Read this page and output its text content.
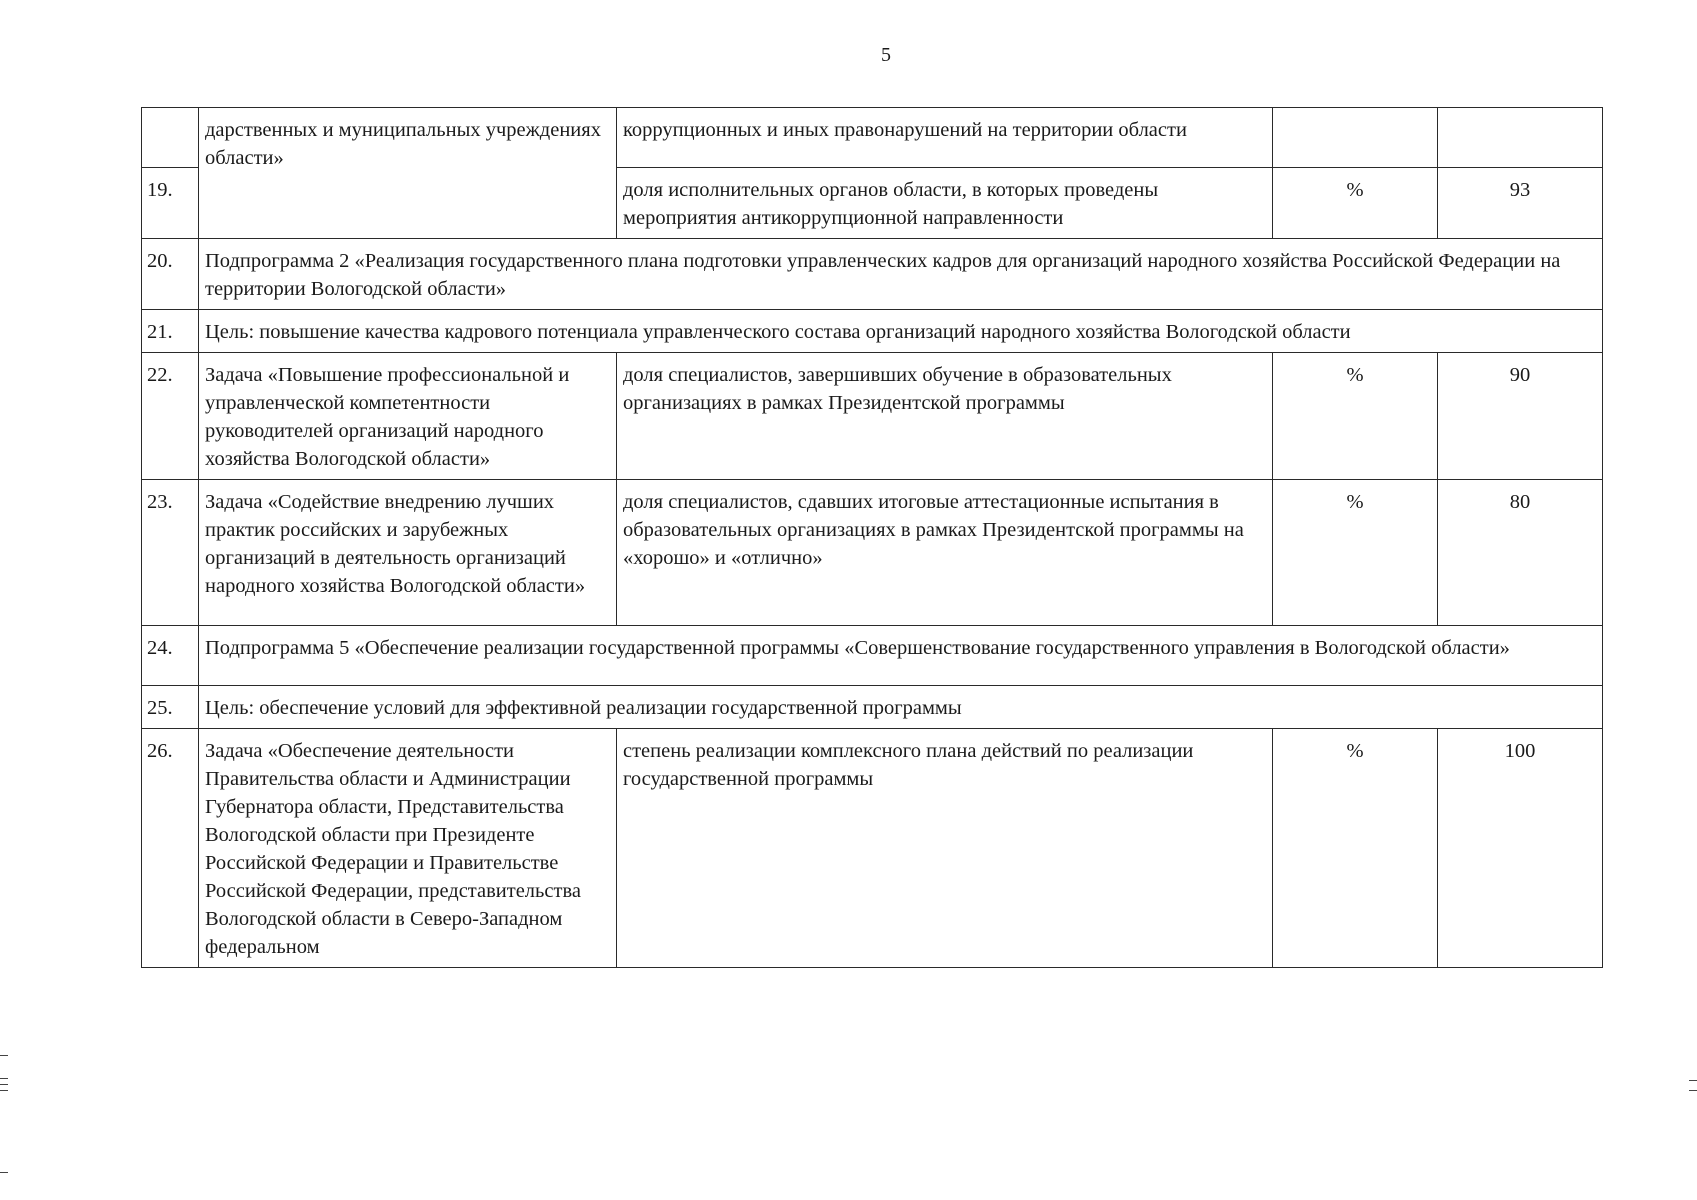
5
	дарственных и муниципальных учреждениях области»	коррупционных и иных правонарушений на территории области		
19.		доля исполнительных органов области, в которых проведены мероприятия антикоррупционной направленности	%	93
20.	Подпрограмма 2 «Реализация государственного плана подготовки управленческих кадров для организаций народного хозяйства Российской Федерации на территории Вологодской области»			
21.	Цель: повышение качества кадрового потенциала управленческого состава организаций народного хозяйства Вологодской области			
22.	Задача «Повышение профессиональной и управленческой компетентности руководителей организаций народного хозяйства Вологодской области»	доля специалистов, завершивших обучение в образовательных организациях в рамках Президентской программы	%	90
23.	Задача «Содействие внедрению лучших практик российских и зарубежных организаций в деятельность организаций народного хозяйства Вологодской области»	доля специалистов, сдавших итоговые аттестационные испытания в образовательных организациях в рамках Президентской программы на «хорошо» и «отлично»	%	80
24.	Подпрограмма 5 «Обеспечение реализации государственной программы «Совершенствование государственного управления в Вологодской области»			
25.	Цель: обеспечение условий для эффективной реализации государственной программы			
26.	Задача «Обеспечение деятельности Правительства области и Администрации Губернатора области, Представительства Вологодской области при Президенте Российской Федерации и Правительстве Российской Федерации, представительства Вологодской области в Северо-Западном федеральном	степень реализации комплексного плана действий по реализации государственной программы	%	100
